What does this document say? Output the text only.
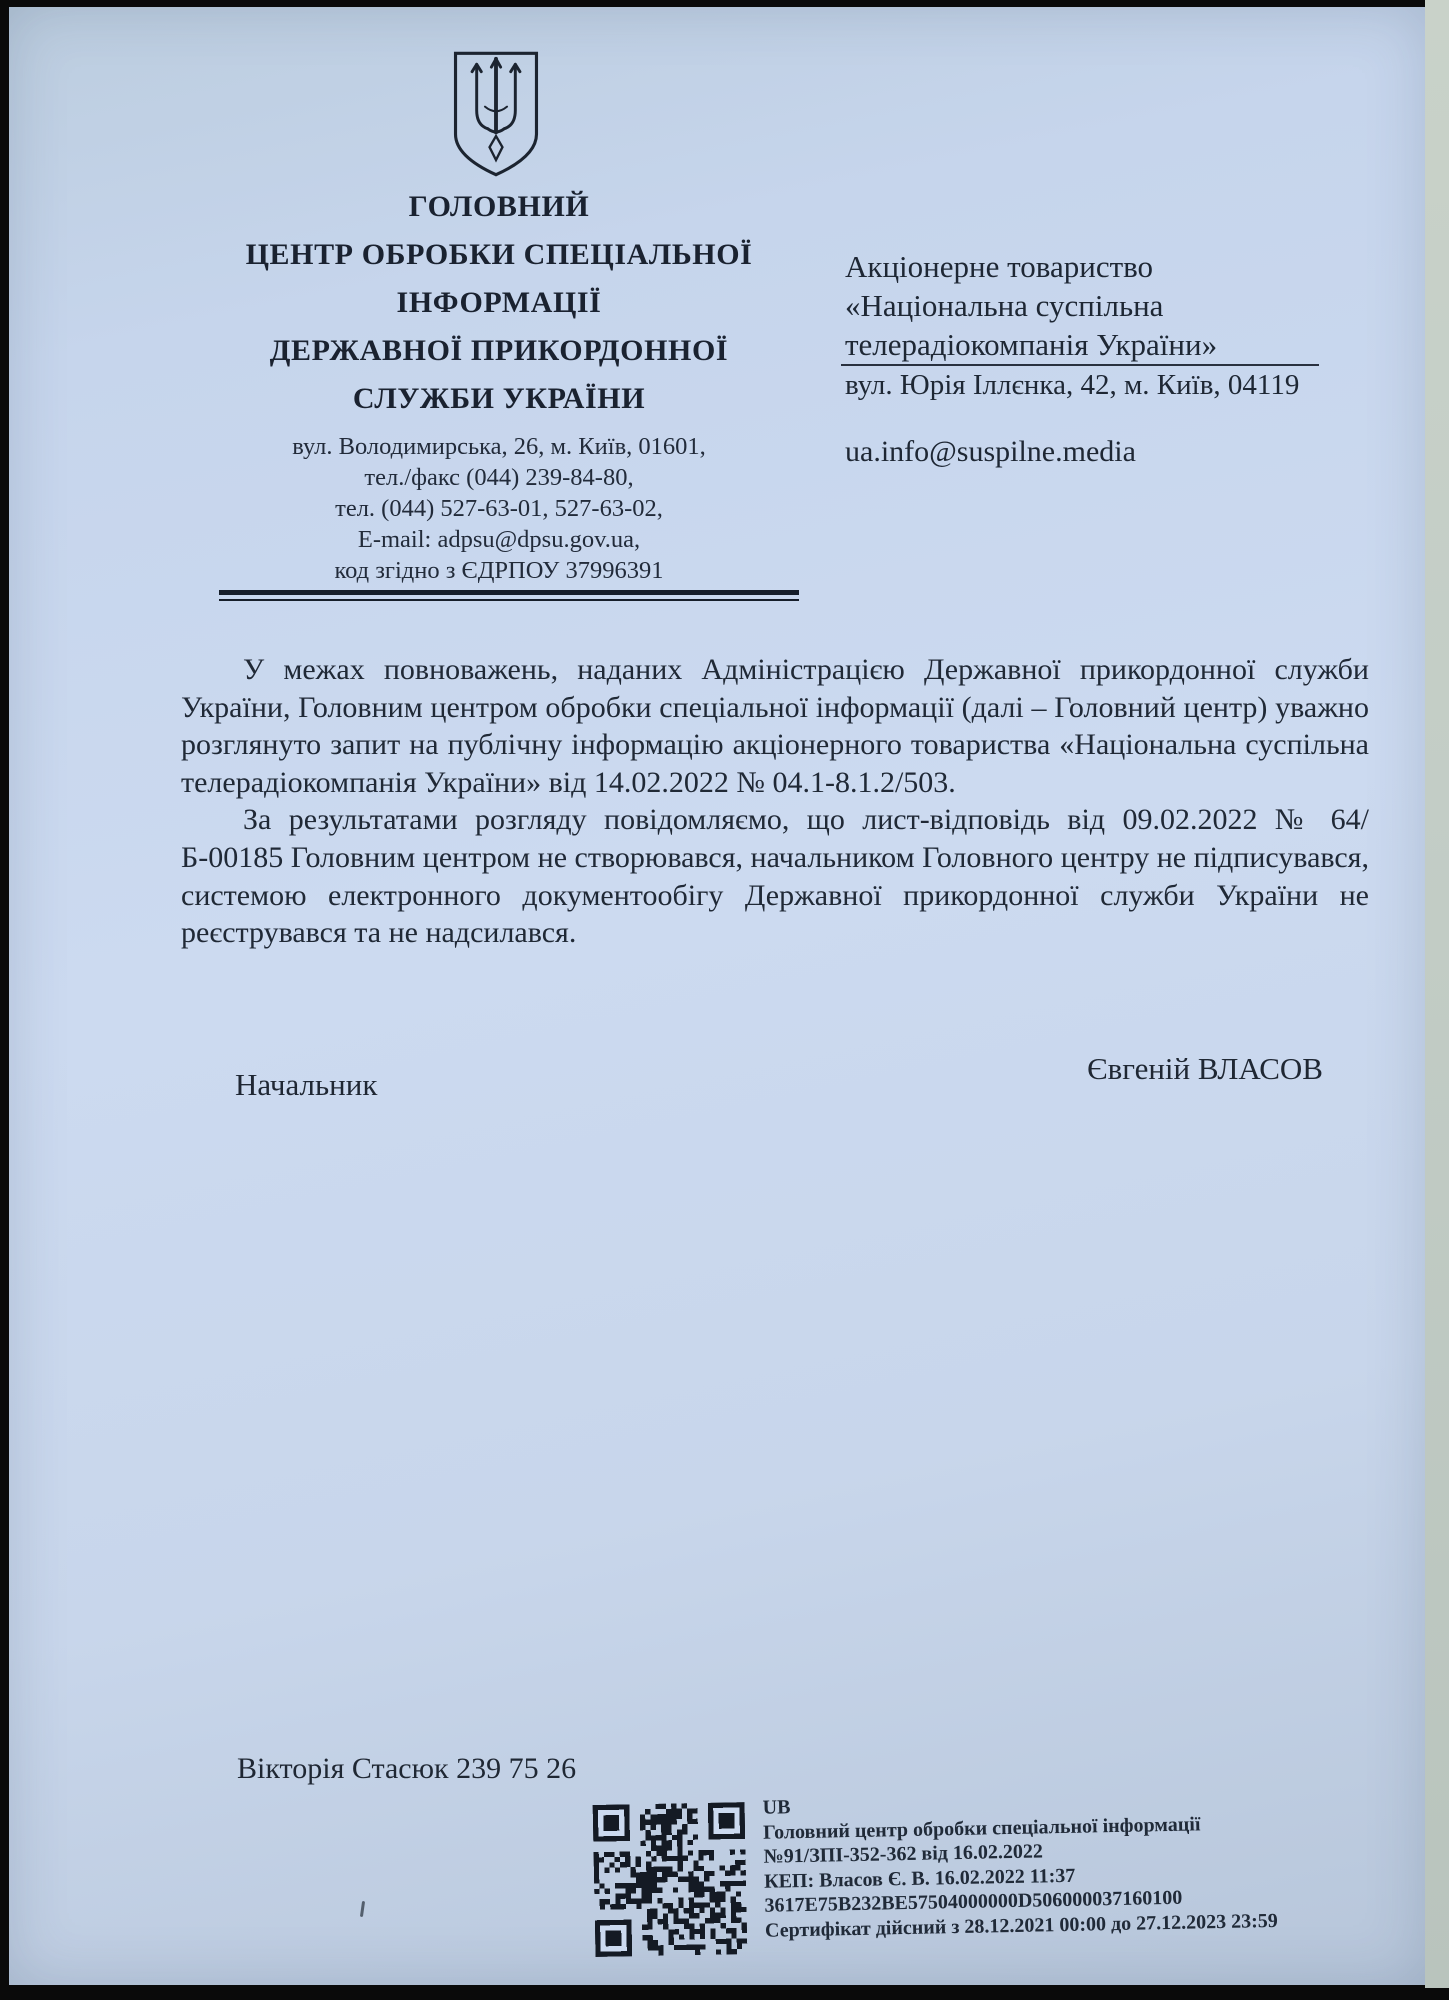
ГОЛОВНИЙ
ЦЕНТР ОБРОБКИ СПЕЦІАЛЬНОЇ
ІНФОРМАЦІЇ
ДЕРЖАВНОЇ ПРИКОРДОННОЇ
СЛУЖБИ УКРАЇНИ
вул. Володимирська, 26, м. Київ, 01601,
тел./факс (044) 239-84-80,
тел. (044) 527-63-01, 527-63-02,
E-mail: adpsu@dpsu.gov.ua,
код згідно з ЄДРПОУ 37996391
Акціонерне товариство
«Національна суспільна
телерадіокомпанія України»
вул. Юрія Іллєнка, 42, м. Київ, 04119
ua.info@suspilne.media

У межах повноважень, наданих Адміністрацією Державної прикордонної служби України, Головним центром обробки спеціальної інформації (далі – Головний центр) уважно розглянуто запит на публічну інформацію акціонерного товариства «Національна суспільна телерадіокомпанія України» від 14.02.2022 № 04.1-8.1.2/503.

За результатами розгляду повідомляємо, що лист-відповідь від 09.02.2022 № 64/Б-00185 Головним центром не створювався, начальником Головного центру не підписувався, системою електронного документообігу Державної прикордонної служби України не реєструвався та не надсилався.

Начальник	Євгеній ВЛАСОВ
Вікторія Стасюк 239 75 26
UB
Головний центр обробки спеціальної інформації
№91/ЗПІ-352-362 від 16.02.2022
КЕП: Власов Є. В. 16.02.2022 11:37
3617E75B232BE57504000000D506000037160100
Сертифікат дійсний з 28.12.2021 00:00 до 27.12.2023 23:59
